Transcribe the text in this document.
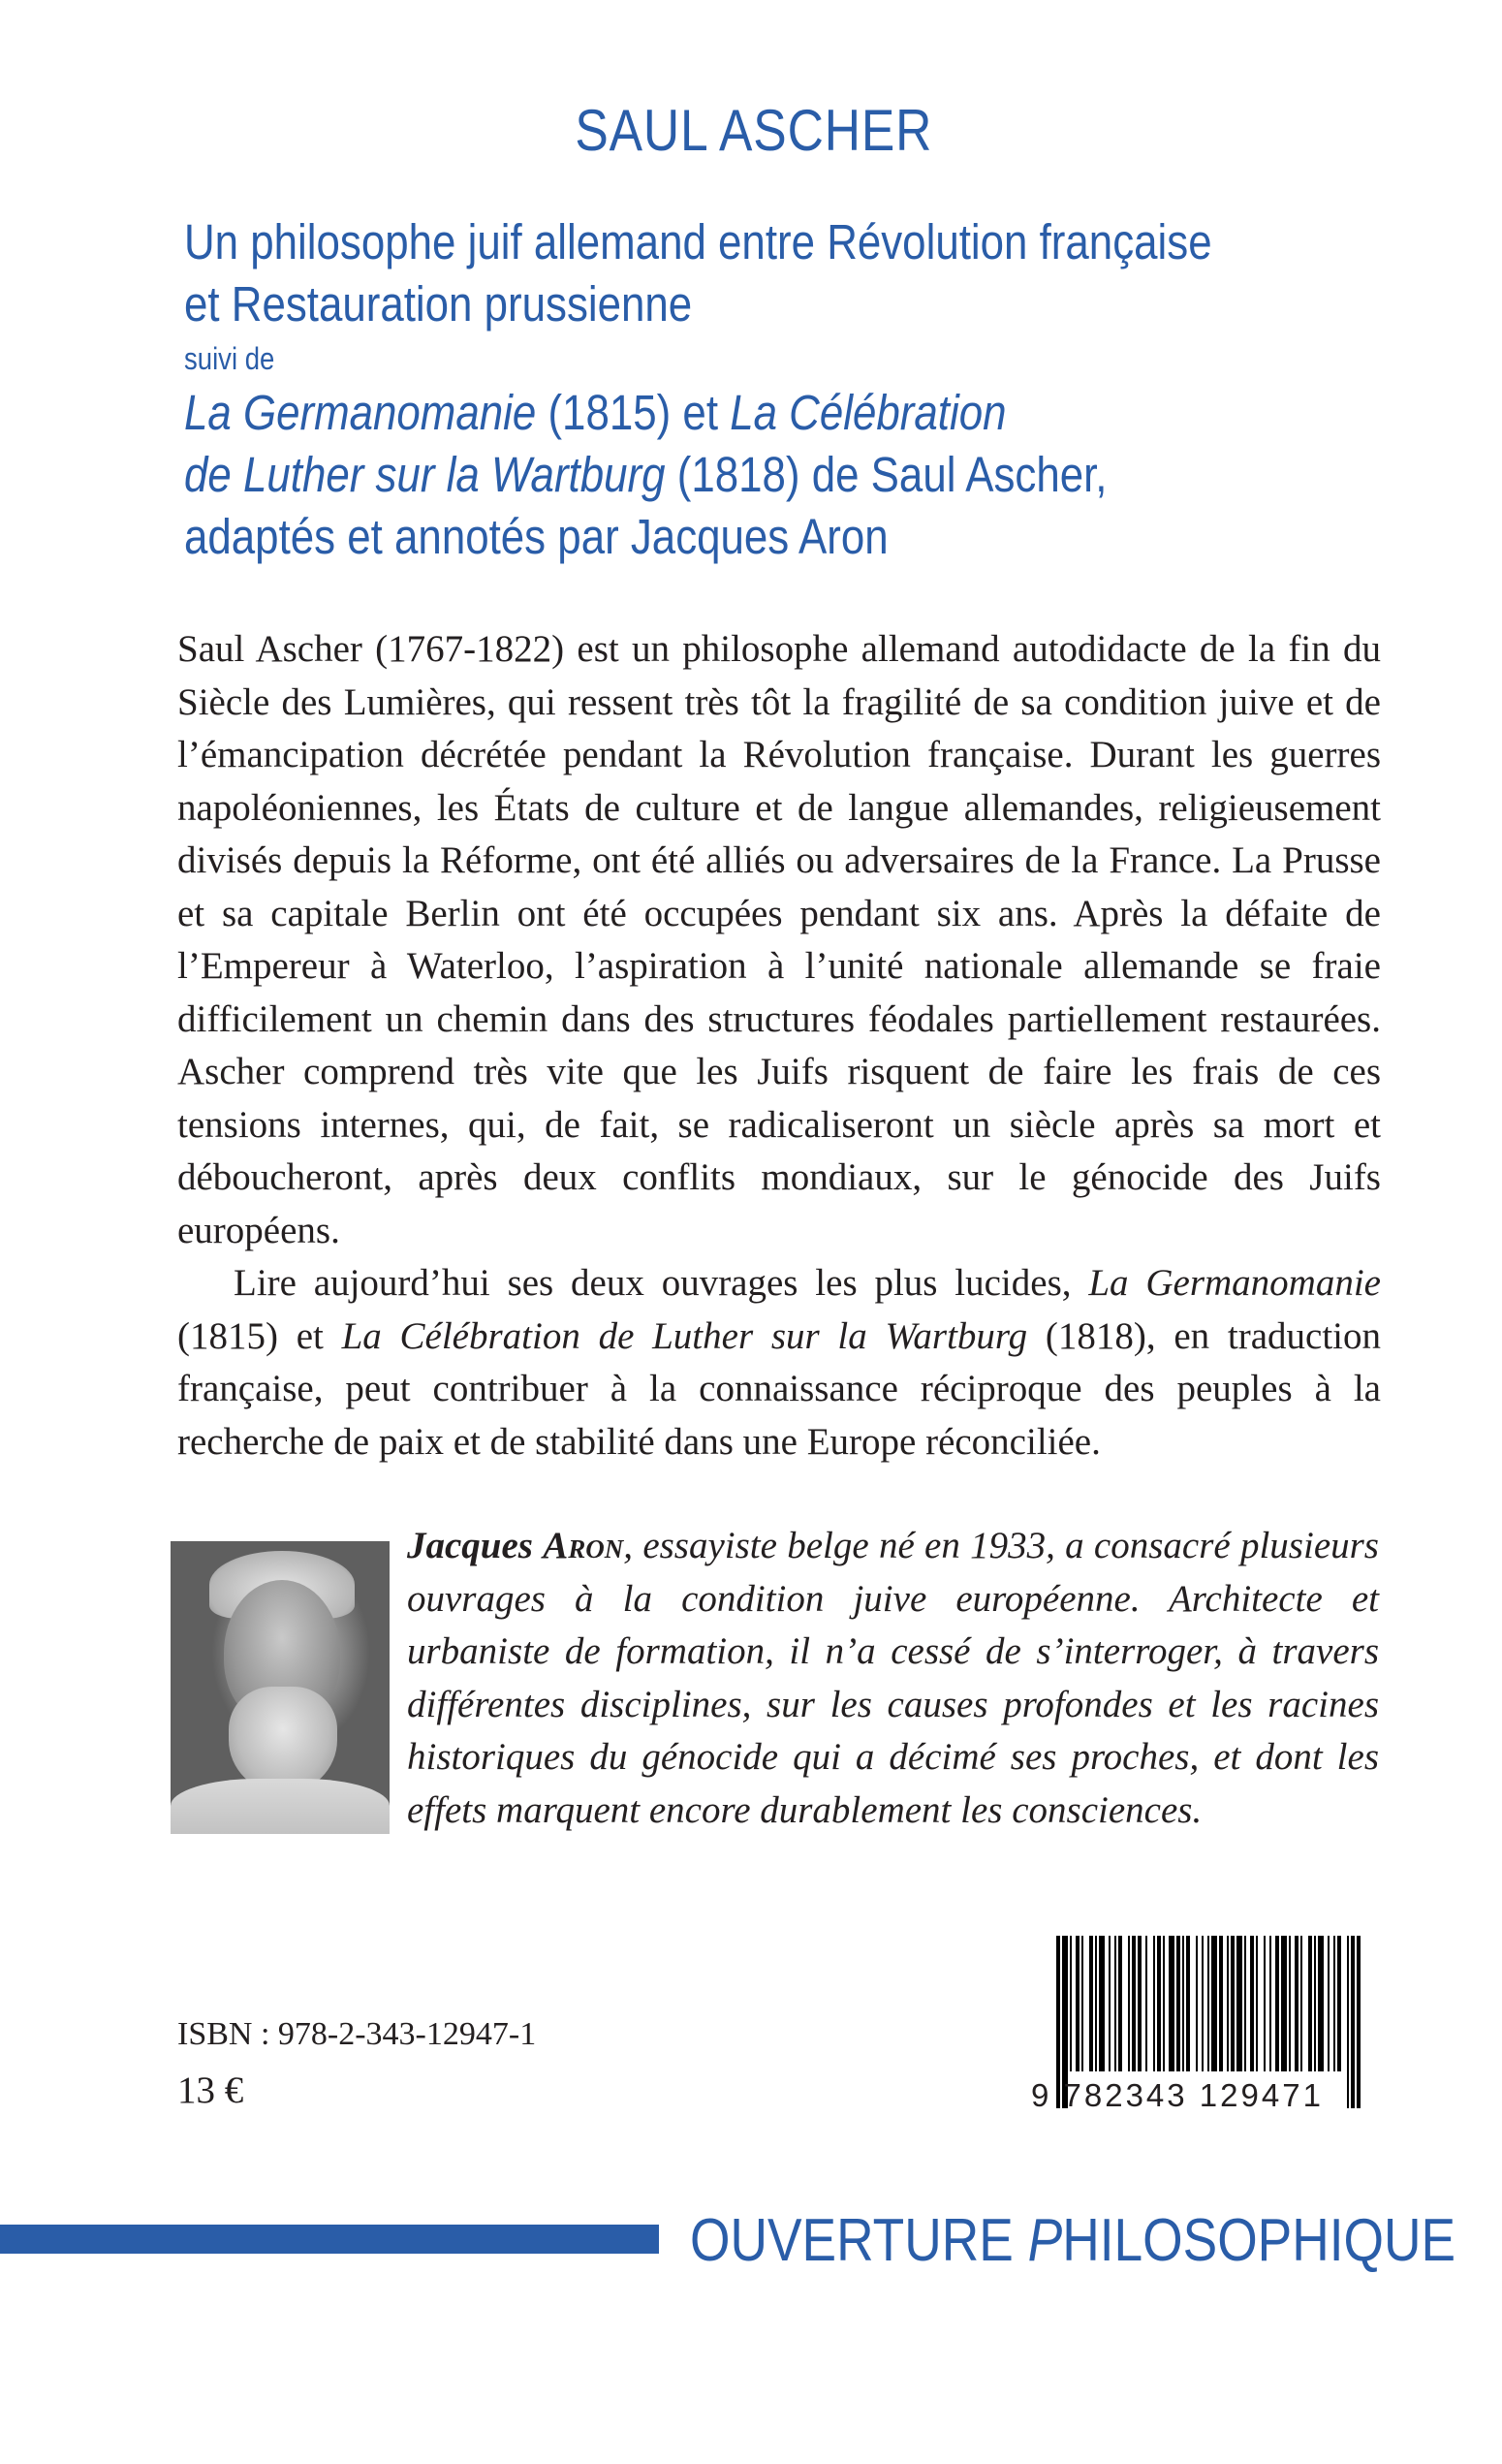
SAUL ASCHER
Un philosophe juif allemand entre Révolution française
et Restauration prussienne
suivi de
La Germanomanie (1815) et La Célébration
de Luther sur la Wartburg (1818) de Saul Ascher,
adaptés et annotés par Jacques Aron

Saul Ascher (1767-1822) est un philosophe allemand autodidacte de la fin du Siècle des Lumières, qui ressent très tôt la fragilité de sa condition juive et de l’émancipation décrétée pendant la Révolution française. Durant les guerres napoléoniennes, les États de culture et de langue allemandes, religieusement divisés depuis la Réforme, ont été alliés ou adversaires de la France. La Prusse et sa capitale Berlin ont été occupées pendant six ans. Après la défaite de l’Empereur à Waterloo, l’aspiration à l’unité nationale allemande se fraie difficilement un chemin dans des structures féodales partiellement restaurées. Ascher comprend très vite que les Juifs risquent de faire les frais de ces tensions internes, qui, de fait, se radicaliseront un siècle après sa mort et déboucheront, après deux conflits mondiaux, sur le génocide des Juifs européens.

Lire aujourd’hui ses deux ouvrages les plus lucides, La Germanomanie (1815) et La Célébration de Luther sur la Wartburg (1818), en traduction française, peut contribuer à la connaissance réciproque des peuples à la recherche de paix et de stabilité dans une Europe réconciliée.

Jacques Aron, essayiste belge né en 1933, a consacré plusieurs ouvrages à la condition juive européenne. Architecte et urbaniste de formation, il n’a cessé de s’interroger, à travers différentes disciplines, sur les causes profondes et les racines historiques du génocide qui a décimé ses proches, et dont les effets marquent encore durablement les consciences.
9 782343 129471
ISBN : 978-2-343-12947-1
13 €
OUVERTURE PHILOSOPHIQUE
